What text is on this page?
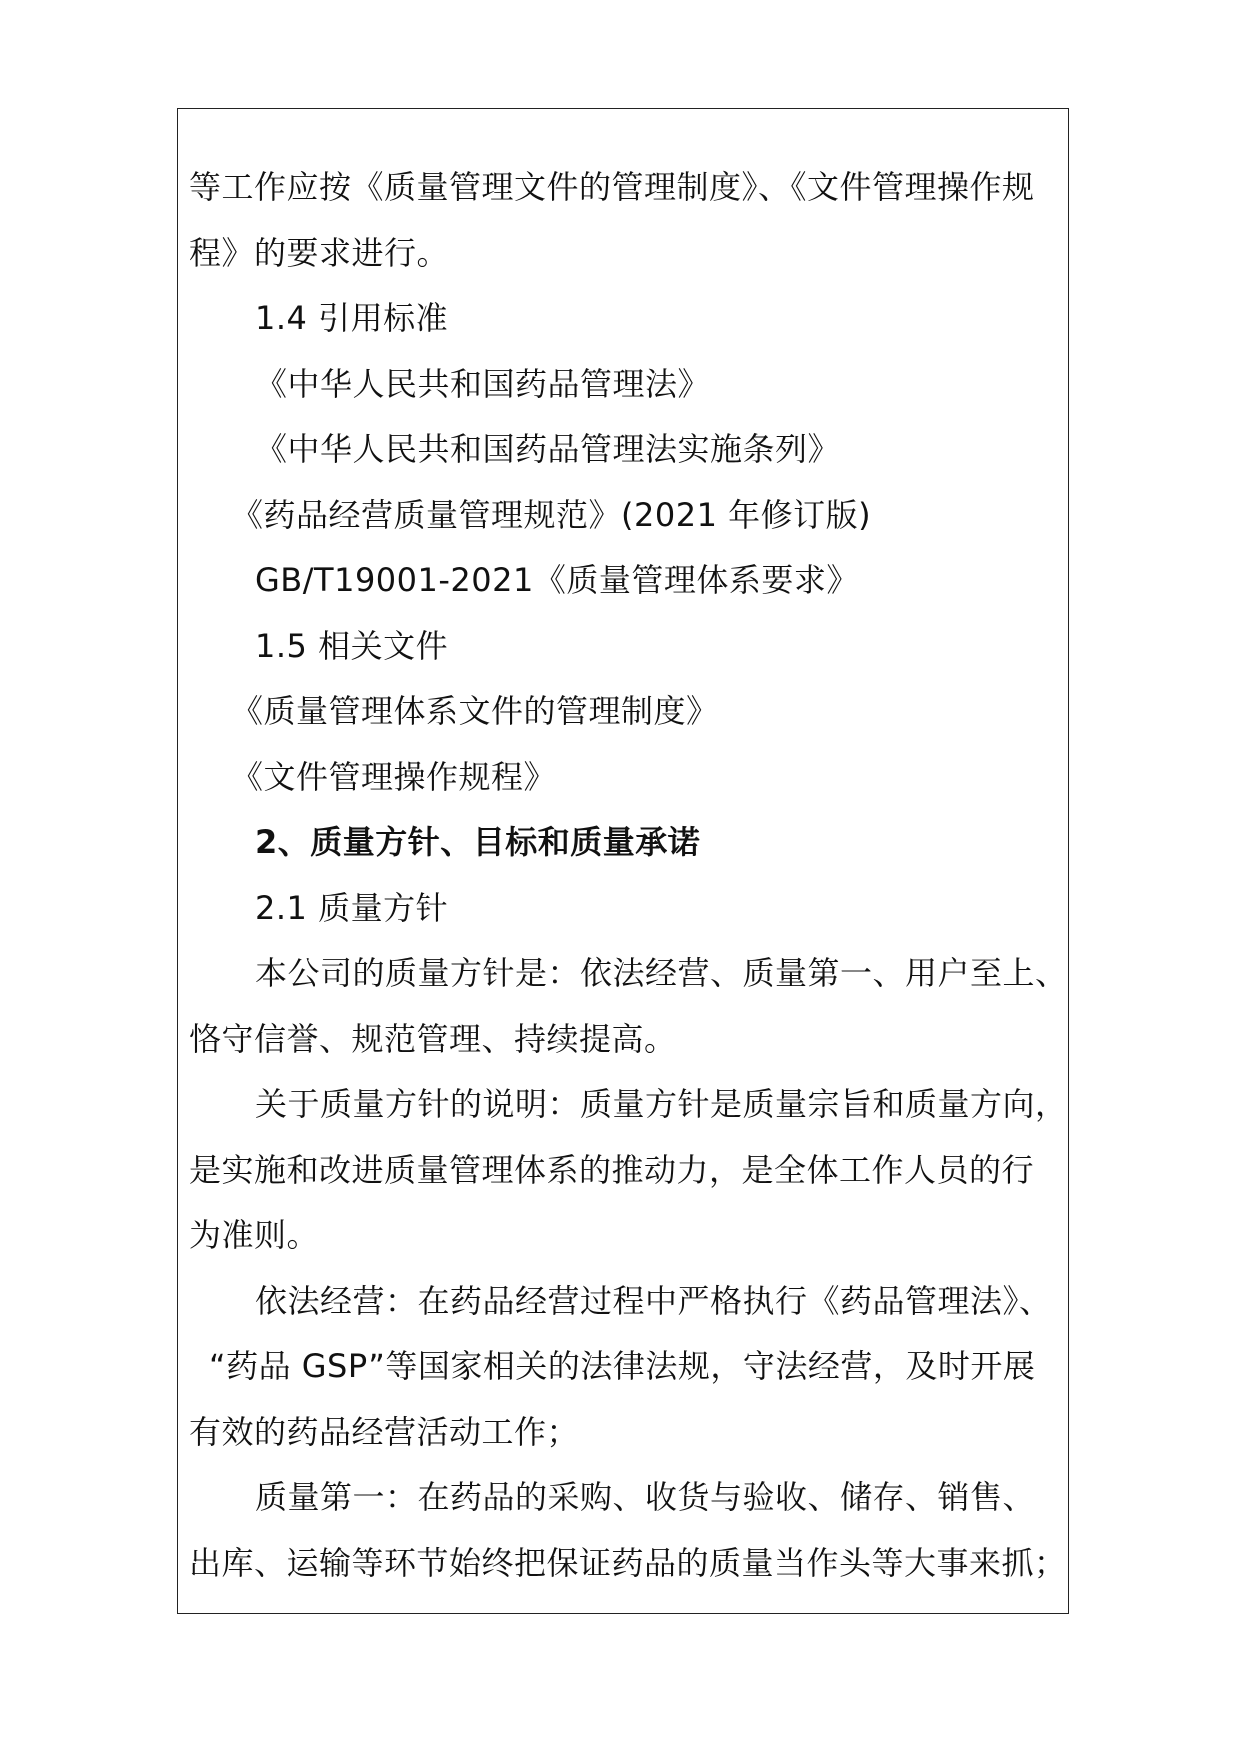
等工作应按《质量管理文件的管理制度》、《文件管理操作规

程》的要求进行。

1.4 引用标准

《中华人民共和国药品管理法》

《中华人民共和国药品管理法实施条列》

《药品经营质量管理规范》(2021 年修订版)

GB/T19001-2021《质量管理体系要求》

1.5 相关文件

《质量管理体系文件的管理制度》

《文件管理操作规程》

2、质量方针、目标和质量承诺

2.1 质量方针

本公司的质量方针是：依法经营、质量第一、用户至上、

恪守信誉、规范管理、持续提高。

关于质量方针的说明：质量方针是质量宗旨和质量方向，

是实施和改进质量管理体系的推动力，是全体工作人员的行

为准则。

依法经营：在药品经营过程中严格执行《药品管理法》、

“药品 GSP”等国家相关的法律法规，守法经营，及时开展

有效的药品经营活动工作；

质量第一：在药品的采购、收货与验收、储存、销售、

出库、运输等环节始终把保证药品的质量当作头等大事来抓；
